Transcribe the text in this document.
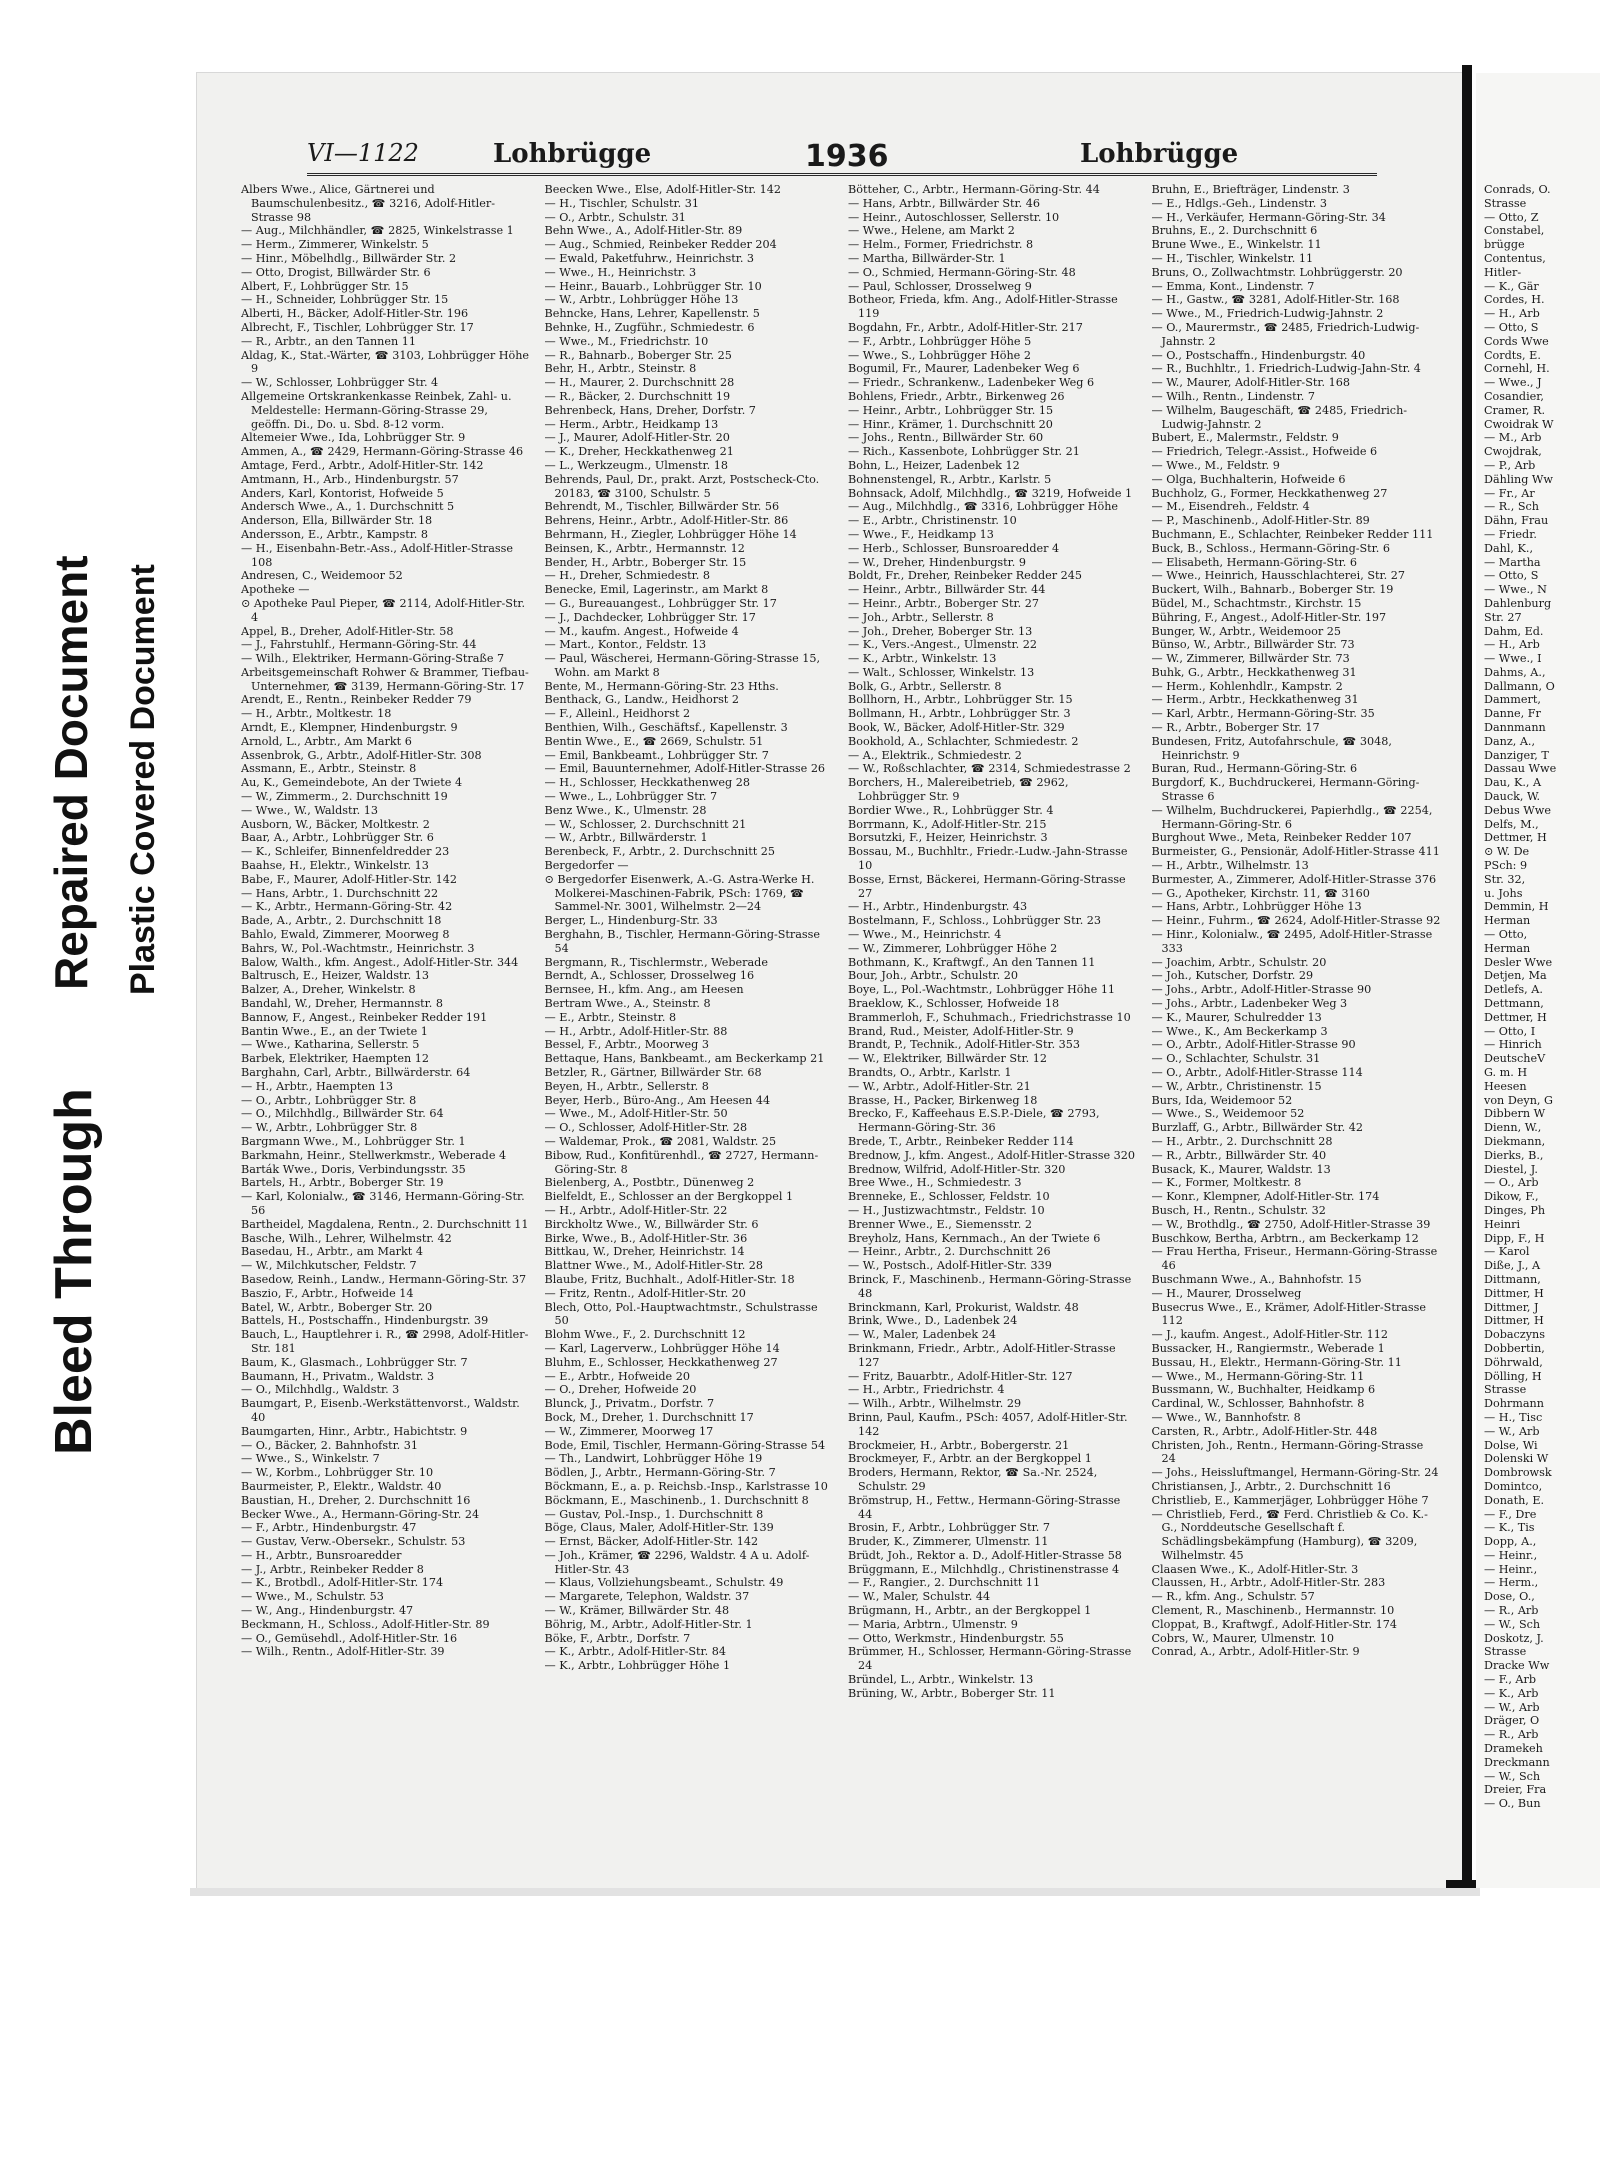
Bleed Through
Repaired Document Plastic Covered Document
VI—1122	Lohbrügge	1936	Lohbrügge

Albers Wwe., Alice, Gärtnerei und Baumschulenbesitz., ☎ 3216, Adolf-Hitler-Strasse 98

— Aug., Milchhändler, ☎ 2825, Winkelstrasse 1

— Herm., Zimmerer, Winkelstr. 5

— Hinr., Möbelhdlg., Billwärder Str. 2

— Otto, Drogist, Billwärder Str. 6

Albert, F., Lohbrügger Str. 15

— H., Schneider, Lohbrügger Str. 15

Alberti, H., Bäcker, Adolf-Hitler-Str. 196

Albrecht, F., Tischler, Lohbrügger Str. 17

— R., Arbtr., an den Tannen 11

Aldag, K., Stat.-Wärter, ☎ 3103, Lohbrügger Höhe 9

— W., Schlosser, Lohbrügger Str. 4

Allgemeine Ortskrankenkasse Reinbek, Zahl- u. Meldestelle: Hermann-Göring-Strasse 29, geöffn. Di., Do. u. Sbd. 8-12 vorm.

Altemeier Wwe., Ida, Lohbrügger Str. 9

Ammen, A., ☎ 2429, Hermann-Göring-Strasse 46

Amtage, Ferd., Arbtr., Adolf-Hitler-Str. 142

Amtmann, H., Arb., Hindenburgstr. 57

Anders, Karl, Kontorist, Hofweide 5

Andersch Wwe., A., 1. Durchschnitt 5

Anderson, Ella, Billwärder Str. 18

Andersson, E., Arbtr., Kampstr. 8

— H., Eisenbahn-Betr.-Ass., Adolf-Hitler-Strasse 108

Andresen, C., Weidemoor 52

Apotheke —

⊙ Apotheke Paul Pieper, ☎ 2114, Adolf-Hitler-Str. 4

Appel, B., Dreher, Adolf-Hitler-Str. 58

— J., Fahrstuhlf., Hermann-Göring-Str. 44

— Wilh., Elektriker, Hermann-Göring-Straße 7

Arbeitsgemeinschaft Rohwer & Brammer, Tiefbau-Unternehmer, ☎ 3139, Hermann-Göring-Str. 17

Arendt, E., Rentn., Reinbeker Redder 79

— H., Arbtr., Moltkestr. 18

Arndt, E., Klempner, Hindenburgstr. 9

Arnold, L., Arbtr., Am Markt 6

Assenbrok, G., Arbtr., Adolf-Hitler-Str. 308

Assmann, E., Arbtr., Steinstr. 8

Au, K., Gemeindebote, An der Twiete 4

— W., Zimmerm., 2. Durchschnitt 19

— Wwe., W., Waldstr. 13

Ausborn, W., Bäcker, Moltkestr. 2

Baar, A., Arbtr., Lohbrügger Str. 6

— K., Schleifer, Binnenfeldredder 23

Baahse, H., Elektr., Winkelstr. 13

Babe, F., Maurer, Adolf-Hitler-Str. 142

— Hans, Arbtr., 1. Durchschnitt 22

— K., Arbtr., Hermann-Göring-Str. 42

Bade, A., Arbtr., 2. Durchschnitt 18

Bahlo, Ewald, Zimmerer, Moorweg 8

Bahrs, W., Pol.-Wachtmstr., Heinrichstr. 3

Balow, Walth., kfm. Angest., Adolf-Hitler-Str. 344

Baltrusch, E., Heizer, Waldstr. 13

Balzer, A., Dreher, Winkelstr. 8

Bandahl, W., Dreher, Hermannstr. 8

Bannow, F., Angest., Reinbeker Redder 191

Bantin Wwe., E., an der Twiete 1

— Wwe., Katharina, Sellerstr. 5

Barbek, Elektriker, Haempten 12

Barghahn, Carl, Arbtr., Billwärderstr. 64

— H., Arbtr., Haempten 13

— O., Arbtr., Lohbrügger Str. 8

— O., Milchhdlg., Billwärder Str. 64

— W., Arbtr., Lohbrügger Str. 8

Bargmann Wwe., M., Lohbrügger Str. 1

Barkmahn, Heinr., Stellwerkmstr., Weberade 4

Barták Wwe., Doris, Verbindungsstr. 35

Bartels, H., Arbtr., Boberger Str. 19

— Karl, Kolonialw., ☎ 3146, Hermann-Göring-Str. 56

Bartheidel, Magdalena, Rentn., 2. Durchschnitt 11

Basche, Wilh., Lehrer, Wilhelmstr. 42

Basedau, H., Arbtr., am Markt 4

— W., Milchkutscher, Feldstr. 7

Basedow, Reinh., Landw., Hermann-Göring-Str. 37

Baszio, F., Arbtr., Hofweide 14

Batel, W., Arbtr., Boberger Str. 20

Battels, H., Postschaffn., Hindenburgstr. 39

Bauch, L., Hauptlehrer i. R., ☎ 2998, Adolf-Hitler-Str. 181

Baum, K., Glasmach., Lohbrügger Str. 7

Baumann, H., Privatm., Waldstr. 3

— O., Milchhdlg., Waldstr. 3

Baumgart, P., Eisenb.-Werkstättenvorst., Waldstr. 40

Baumgarten, Hinr., Arbtr., Habichtstr. 9

— O., Bäcker, 2. Bahnhofstr. 31

— Wwe., S., Winkelstr. 7

— W., Korbm., Lohbrügger Str. 10

Baurmeister, P., Elektr., Waldstr. 40

Baustian, H., Dreher, 2. Durchschnitt 16

Becker Wwe., A., Hermann-Göring-Str. 24

— F., Arbtr., Hindenburgstr. 47

— Gustav, Verw.-Obersekr., Schulstr. 53

— H., Arbtr., Bunsroaredder

— J., Arbtr., Reinbeker Redder 8

— K., Brotbdl., Adolf-Hitler-Str. 174

— Wwe., M., Schulstr. 53

— W., Ang., Hindenburgstr. 47

Beckmann, H., Schloss., Adolf-Hitler-Str. 89

— O., Gemüsehdl., Adolf-Hitler-Str. 16

— Wilh., Rentn., Adolf-Hitler-Str. 39

Beecken Wwe., Else, Adolf-Hitler-Str. 142

— H., Tischler, Schulstr. 31

— O., Arbtr., Schulstr. 31

Behn Wwe., A., Adolf-Hitler-Str. 89

— Aug., Schmied, Reinbeker Redder 204

— Ewald, Paketfuhrw., Heinrichstr. 3

— Wwe., H., Heinrichstr. 3

— Heinr., Bauarb., Lohbrügger Str. 10

— W., Arbtr., Lohbrügger Höhe 13

Behncke, Hans, Lehrer, Kapellenstr. 5

Behnke, H., Zugführ., Schmiedestr. 6

— Wwe., M., Friedrichstr. 10

— R., Bahnarb., Boberger Str. 25

Behr, H., Arbtr., Steinstr. 8

— H., Maurer, 2. Durchschnitt 28

— R., Bäcker, 2. Durchschnitt 19

Behrenbeck, Hans, Dreher, Dorfstr. 7

— Herm., Arbtr., Heidkamp 13

— J., Maurer, Adolf-Hitler-Str. 20

— K., Dreher, Heckkathenweg 21

— L., Werkzeugm., Ulmenstr. 18

Behrends, Paul, Dr., prakt. Arzt, Postscheck-Cto. 20183, ☎ 3100, Schulstr. 5

Behrendt, M., Tischler, Billwärder Str. 56

Behrens, Heinr., Arbtr., Adolf-Hitler-Str. 86

Behrmann, H., Ziegler, Lohbrügger Höhe 14

Beinsen, K., Arbtr., Hermannstr. 12

Bender, H., Arbtr., Boberger Str. 15

— H., Dreher, Schmiedestr. 8

Benecke, Emil, Lagerinstr., am Markt 8

— G., Bureauangest., Lohbrügger Str. 17

— J., Dachdecker, Lohbrügger Str. 17

— M., kaufm. Angest., Hofweide 4

— Mart., Kontor., Feldstr. 13

— Paul, Wäscherei, Hermann-Göring-Strasse 15, Wohn. am Markt 8

Bente, M., Hermann-Göring-Str. 23 Hths.

Benthack, G., Landw., Heidhorst 2

— F., Alleinl., Heidhorst 2

Benthien, Wilh., Geschäftsf., Kapellenstr. 3

Bentin Wwe., E., ☎ 2669, Schulstr. 51

— Emil, Bankbeamt., Lohbrügger Str. 7

— Emil, Bauunternehmer, Adolf-Hitler-Strasse 26

— H., Schlosser, Heckkathenweg 28

— Wwe., L., Lohbrügger Str. 7

Benz Wwe., K., Ulmenstr. 28

— W., Schlosser, 2. Durchschnitt 21

— W., Arbtr., Billwärderstr. 1

Berenbeck, F., Arbtr., 2. Durchschnitt 25

Bergedorfer —

⊙ Bergedorfer Eisenwerk, A.-G. Astra-Werke H. Molkerei-Maschinen-Fabrik, PSch: 1769, ☎ Sammel-Nr. 3001, Wilhelmstr. 2—24

Berger, L., Hindenburg-Str. 33

Berghahn, B., Tischler, Hermann-Göring-Strasse 54

Bergmann, R., Tischlermstr., Weberade

Berndt, A., Schlosser, Drosselweg 16

Bernsee, H., kfm. Ang., am Heesen

Bertram Wwe., A., Steinstr. 8

— E., Arbtr., Steinstr. 8

— H., Arbtr., Adolf-Hitler-Str. 88

Bessel, F., Arbtr., Moorweg 3

Bettaque, Hans, Bankbeamt., am Beckerkamp 21

Betzler, R., Gärtner, Billwärder Str. 68

Beyen, H., Arbtr., Sellerstr. 8

Beyer, Herb., Büro-Ang., Am Heesen 44

— Wwe., M., Adolf-Hitler-Str. 50

— O., Schlosser, Adolf-Hitler-Str. 28

— Waldemar, Prok., ☎ 2081, Waldstr. 25

Bibow, Rud., Konfitürenhdl., ☎ 2727, Hermann-Göring-Str. 8

Bielenberg, A., Postbtr., Dünenweg 2

Bielfeldt, E., Schlosser an der Bergkoppel 1

— H., Arbtr., Adolf-Hitler-Str. 22

Birckholtz Wwe., W., Billwärder Str. 6

Birke, Wwe., B., Adolf-Hitler-Str. 36

Bittkau, W., Dreher, Heinrichstr. 14

Blattner Wwe., M., Adolf-Hitler-Str. 28

Blaube, Fritz, Buchhalt., Adolf-Hitler-Str. 18

— Fritz, Rentn., Adolf-Hitler-Str. 20

Blech, Otto, Pol.-Hauptwachtmstr., Schulstrasse 50

Blohm Wwe., F., 2. Durchschnitt 12

— Karl, Lagerverw., Lohbrügger Höhe 14

Bluhm, E., Schlosser, Heckkathenweg 27

— E., Arbtr., Hofweide 20

— O., Dreher, Hofweide 20

Blunck, J., Privatm., Dorfstr. 7

Bock, M., Dreher, 1. Durchschnitt 17

— W., Zimmerer, Moorweg 17

Bode, Emil, Tischler, Hermann-Göring-Strasse 54

— Th., Landwirt, Lohbrügger Höhe 19

Bödlen, J., Arbtr., Hermann-Göring-Str. 7

Böckmann, E., a. p. Reichsb.-Insp., Karlstrasse 10

Böckmann, E., Maschinenb., 1. Durchschnitt 8

— Gustav, Pol.-Insp., 1. Durchschnitt 8

Böge, Claus, Maler, Adolf-Hitler-Str. 139

— Ernst, Bäcker, Adolf-Hitler-Str. 142

— Joh., Krämer, ☎ 2296, Waldstr. 4 A u. Adolf-Hitler-Str. 43

— Klaus, Vollziehungsbeamt., Schulstr. 49

— Margarete, Telephon, Waldstr. 37

— W., Krämer, Billwärder Str. 48

Böhrig, M., Arbtr., Adolf-Hitler-Str. 1

Böke, F., Arbtr., Dorfstr. 7

— K., Arbtr., Adolf-Hitler-Str. 84

— K., Arbtr., Lohbrügger Höhe 1

Bötteher, C., Arbtr., Hermann-Göring-Str. 44

— Hans, Arbtr., Billwärder Str. 46

— Heinr., Autoschlosser, Sellerstr. 10

— Wwe., Helene, am Markt 2

— Helm., Former, Friedrichstr. 8

— Martha, Billwärder-Str. 1

— O., Schmied, Hermann-Göring-Str. 48

— Paul, Schlosser, Drosselweg 9

Botheor, Frieda, kfm. Ang., Adolf-Hitler-Strasse 119

Bogdahn, Fr., Arbtr., Adolf-Hitler-Str. 217

— F., Arbtr., Lohbrügger Höhe 5

— Wwe., S., Lohbrügger Höhe 2

Bogumil, Fr., Maurer, Ladenbeker Weg 6

— Friedr., Schrankenw., Ladenbeker Weg 6

Bohlens, Friedr., Arbtr., Birkenweg 26

— Heinr., Arbtr., Lohbrügger Str. 15

— Hinr., Krämer, 1. Durchschnitt 20

— Johs., Rentn., Billwärder Str. 60

— Rich., Kassenbote, Lohbrügger Str. 21

Bohn, L., Heizer, Ladenbek 12

Bohnenstengel, R., Arbtr., Karlstr. 5

Bohnsack, Adolf, Milchhdlg., ☎ 3219, Hofweide 1

— Aug., Milchhdlg., ☎ 3316, Lohbrügger Höhe

— E., Arbtr., Christinenstr. 10

— Wwe., F., Heidkamp 13

— Herb., Schlosser, Bunsroaredder 4

— W., Dreher, Hindenburgstr. 9

Boldt, Fr., Dreher, Reinbeker Redder 245

— Heinr., Arbtr., Billwärder Str. 44

— Heinr., Arbtr., Boberger Str. 27

— Joh., Arbtr., Sellerstr. 8

— Joh., Dreher, Boberger Str. 13

— K., Vers.-Angest., Ulmenstr. 22

— K., Arbtr., Winkelstr. 13

— Walt., Schlosser, Winkelstr. 13

Bolk, G., Arbtr., Sellerstr. 8

Bollhorn, H., Arbtr., Lohbrügger Str. 15

Bollmann, H., Arbtr., Lohbrügger Str. 3

Book, W., Bäcker, Adolf-Hitler-Str. 329

Bookhold, A., Schlachter, Schmiedestr. 2

— A., Elektrik., Schmiedestr. 2

— W., Roßschlachter, ☎ 2314, Schmiedestrasse 2

Borchers, H., Malereibetrieb, ☎ 2962, Lohbrügger Str. 9

Bordier Wwe., R., Lohbrügger Str. 4

Borrmann, K., Adolf-Hitler-Str. 215

Borsutzki, F., Heizer, Heinrichstr. 3

Bossau, M., Buchhltr., Friedr.-Ludw.-Jahn-Strasse 10

Bosse, Ernst, Bäckerei, Hermann-Göring-Strasse 27

— H., Arbtr., Hindenburgstr. 43

Bostelmann, F., Schloss., Lohbrügger Str. 23

— Wwe., M., Heinrichstr. 4

— W., Zimmerer, Lohbrügger Höhe 2

Bothmann, K., Kraftwgf., An den Tannen 11

Bour, Joh., Arbtr., Schulstr. 20

Boye, L., Pol.-Wachtmstr., Lohbrügger Höhe 11

Braeklow, K., Schlosser, Hofweide 18

Brammerloh, F., Schuhmach., Friedrichstrasse 10

Brand, Rud., Meister, Adolf-Hitler-Str. 9

Brandt, P., Technik., Adolf-Hitler-Str. 353

— W., Elektriker, Billwärder Str. 12

Brandts, O., Arbtr., Karlstr. 1

— W., Arbtr., Adolf-Hitler-Str. 21

Brasse, H., Packer, Birkenweg 18

Brecko, F., Kaffeehaus E.S.P.-Diele, ☎ 2793, Hermann-Göring-Str. 36

Brede, T., Arbtr., Reinbeker Redder 114

Brednow, J., kfm. Angest., Adolf-Hitler-Strasse 320

Brednow, Wilfrid, Adolf-Hitler-Str. 320

Bree Wwe., H., Schmiedestr. 3

Brenneke, E., Schlosser, Feldstr. 10

— H., Justizwachtmstr., Feldstr. 10

Brenner Wwe., E., Siemensstr. 2

Breyholz, Hans, Kernmach., An der Twiete 6

— Heinr., Arbtr., 2. Durchschnitt 26

— W., Postsch., Adolf-Hitler-Str. 339

Brinck, F., Maschinenb., Hermann-Göring-Strasse 48

Brinckmann, Karl, Prokurist, Waldstr. 48

Brink, Wwe., D., Ladenbek 24

— W., Maler, Ladenbek 24

Brinkmann, Friedr., Arbtr., Adolf-Hitler-Strasse 127

— Fritz, Bauarbtr., Adolf-Hitler-Str. 127

— H., Arbtr., Friedrichstr. 4

— Wilh., Arbtr., Wilhelmstr. 29

Brinn, Paul, Kaufm., PSch: 4057, Adolf-Hitler-Str. 142

Brockmeier, H., Arbtr., Bobergerstr. 21

Brockmeyer, F., Arbtr. an der Bergkoppel 1

Broders, Hermann, Rektor, ☎ Sa.-Nr. 2524, Schulstr. 29

Brömstrup, H., Fettw., Hermann-Göring-Strasse 44

Brosin, F., Arbtr., Lohbrügger Str. 7

Bruder, K., Zimmerer, Ulmenstr. 11

Brüdt, Joh., Rektor a. D., Adolf-Hitler-Strasse 58

Brüggmann, E., Milchhdlg., Christinenstrasse 4

— F., Rangier., 2. Durchschnitt 11

— W., Maler, Schulstr. 44

Brügmann, H., Arbtr., an der Bergkoppel 1

— Maria, Arbtrn., Ulmenstr. 9

— Otto, Werkmstr., Hindenburgstr. 55

Brümmer, H., Schlosser, Hermann-Göring-Strasse 24

Bründel, L., Arbtr., Winkelstr. 13

Brüning, W., Arbtr., Boberger Str. 11

Bruhn, E., Briefträger, Lindenstr. 3

— E., Hdlgs.-Geh., Lindenstr. 3

— H., Verkäufer, Hermann-Göring-Str. 34

Bruhns, E., 2. Durchschnitt 6

Brune Wwe., E., Winkelstr. 11

— H., Tischler, Winkelstr. 11

Bruns, O., Zollwachtmstr. Lohbrüggerstr. 20

— Emma, Kont., Lindenstr. 7

— H., Gastw., ☎ 3281, Adolf-Hitler-Str. 168

— Wwe., M., Friedrich-Ludwig-Jahnstr. 2

— O., Maurermstr., ☎ 2485, Friedrich-Ludwig-Jahnstr. 2

— O., Postschaffn., Hindenburgstr. 40

— R., Buchhltr., 1. Friedrich-Ludwig-Jahn-Str. 4

— W., Maurer, Adolf-Hitler-Str. 168

— Wilh., Rentn., Lindenstr. 7

— Wilhelm, Baugeschäft, ☎ 2485, Friedrich-Ludwig-Jahnstr. 2

Bubert, E., Malermstr., Feldstr. 9

— Friedrich, Telegr.-Assist., Hofweide 6

— Wwe., M., Feldstr. 9

— Olga, Buchhalterin, Hofweide 6

Buchholz, G., Former, Heckkathenweg 27

— M., Eisendreh., Feldstr. 4

— P., Maschinenb., Adolf-Hitler-Str. 89

Buchmann, E., Schlachter, Reinbeker Redder 111

Buck, B., Schloss., Hermann-Göring-Str. 6

— Elisabeth, Hermann-Göring-Str. 6

— Wwe., Heinrich, Hausschlachterei, Str. 27

Buckert, Wilh., Bahnarb., Boberger Str. 19

Büdel, M., Schachtmstr., Kirchstr. 15

Bühring, F., Angest., Adolf-Hitler-Str. 197

Bunger, W., Arbtr., Weidemoor 25

Bünso, W., Arbtr., Billwärder Str. 73

— W., Zimmerer, Billwärder Str. 73

Buhk, G., Arbtr., Heckkathenweg 31

— Herm., Kohlenhdlr., Kampstr. 2

— Herm., Arbtr., Heckkathenweg 31

— Karl, Arbtr., Hermann-Göring-Str. 35

— R., Arbtr., Boberger Str. 17

Bundesen, Fritz, Autofahrschule, ☎ 3048, Heinrichstr. 9

Buran, Rud., Hermann-Göring-Str. 6

Burgdorf, K., Buchdruckerei, Hermann-Göring-Strasse 6

— Wilhelm, Buchdruckerei, Papierhdlg., ☎ 2254, Hermann-Göring-Str. 6

Burghout Wwe., Meta, Reinbeker Redder 107

Burmeister, G., Pensionär, Adolf-Hitler-Strasse 411

— H., Arbtr., Wilhelmstr. 13

Burmester, A., Zimmerer, Adolf-Hitler-Strasse 376

— G., Apotheker, Kirchstr. 11, ☎ 3160

— Hans, Arbtr., Lohbrügger Höhe 13

— Heinr., Fuhrm., ☎ 2624, Adolf-Hitler-Strasse 92

— Hinr., Kolonialw., ☎ 2495, Adolf-Hitler-Strasse 333

— Joachim, Arbtr., Schulstr. 20

— Joh., Kutscher, Dorfstr. 29

— Johs., Arbtr., Adolf-Hitler-Strasse 90

— Johs., Arbtr., Ladenbeker Weg 3

— K., Maurer, Schulredder 13

— Wwe., K., Am Beckerkamp 3

— O., Arbtr., Adolf-Hitler-Strasse 90

— O., Schlachter, Schulstr. 31

— O., Arbtr., Adolf-Hitler-Strasse 114

— W., Arbtr., Christinenstr. 15

Burs, Ida, Weidemoor 52

— Wwe., S., Weidemoor 52

Burzlaff, G., Arbtr., Billwärder Str. 42

— H., Arbtr., 2. Durchschnitt 28

— R., Arbtr., Billwärder Str. 40

Busack, K., Maurer, Waldstr. 13

— K., Former, Moltkestr. 8

— Konr., Klempner, Adolf-Hitler-Str. 174

Busch, H., Rentn., Schulstr. 32

— W., Brothdlg., ☎ 2750, Adolf-Hitler-Strasse 39

Buschkow, Bertha, Arbtrn., am Beckerkamp 12

— Frau Hertha, Friseur., Hermann-Göring-Strasse 46

Buschmann Wwe., A., Bahnhofstr. 15

— H., Maurer, Drosselweg

Busecrus Wwe., E., Krämer, Adolf-Hitler-Strasse 112

— J., kaufm. Angest., Adolf-Hitler-Str. 112

Bussacker, H., Rangiermstr., Weberade 1

Bussau, H., Elektr., Hermann-Göring-Str. 11

— Wwe., M., Hermann-Göring-Str. 11

Bussmann, W., Buchhalter, Heidkamp 6

Cardinal, W., Schlosser, Bahnhofstr. 8

— Wwe., W., Bannhofstr. 8

Carsten, R., Arbtr., Adolf-Hitler-Str. 448

Christen, Joh., Rentn., Hermann-Göring-Strasse 24

— Johs., Heissluftmangel, Hermann-Göring-Str. 24

Christiansen, J., Arbtr., 2. Durchschnitt 16

Christlieb, E., Kammerjäger, Lohbrügger Höhe 7

— Christlieb, Ferd., ☎ Ferd. Christlieb & Co. K.-G., Norddeutsche Gesellschaft f. Schädlingsbekämpfung (Hamburg), ☎ 3209, Wilhelmstr. 45

Claasen Wwe., K., Adolf-Hitler-Str. 3

Claussen, H., Arbtr., Adolf-Hitler-Str. 283

— R., kfm. Ang., Schulstr. 57

Clement, R., Maschinenb., Hermannstr. 10

Cloppat, B., Kraftwgf., Adolf-Hitler-Str. 174

Cobrs, W., Maurer, Ulmenstr. 10

Conrad, A., Arbtr., Adolf-Hitler-Str. 9

Conrads, O.
Strasse
— Otto, Z
Constabel,
brügge
Contentus,
Hitler-
— K., Gär
Cordes, H.
— H., Arb
— Otto, S
Cords Wwe
Cordts, E.
Cornehl, H.
— Wwe., J
Cosandier,
Cramer, R.
Cwoidrak W
— M., Arb
Cwojdrak,
— P., Arb
Dähling Ww
— Fr., Ar
— R., Sch
Dähn, Frau
— Friedr.
Dahl, K.,
— Martha
— Otto, S
— Wwe., N
Dahlenburg
Str. 27
Dahm, Ed.
— H., Arb
— Wwe., I
Dahms, A.,
Dallmann, O
Dammert,
Danne, Fr
Dannmann
Danz, A.,
Danziger, T
Dassau Wwe
Dau, K., A
Dauck, W.
Debus Wwe
Delfs, M.,
Dettmer, H
⊙ W. De
PSch: 9
Str. 32,
u. Johs
Demmin, H
Herman
— Otto,
Herman
Desler Wwe
Detjen, Ma
Detlefs, A.
Dettmann,
Dettmer, H
— Otto, I
— Hinrich
DeutscheV
G. m. H
Heesen
von Deyn, G
Dibbern W
Dienn, W.,
Diekmann,
Dierks, B.,
Diestel, J.
— O., Arb
Dikow, F.,
Dinges, Ph
Heinri
Dipp, F., H
— Karol
Diße, J., A
Dittmann,
Dittmer, H
Dittmer, J
Dittmer, H
Dobaczyns
Dobbertin,
Döhrwald,
Dölling, H
Strasse
Dohrmann
— H., Tisc
— W., Arb
Dolse, Wi
Dolenski W
Dombrowsk
Domintco,
Donath, E.
— F., Dre
— K., Tis
Dopp, A.,
— Heinr.,
— Heinr.,
— Herm.,
Dose, O.,
— R., Arb
— W., Sch
Doskotz, J.
Strasse
Dracke Ww
— F., Arb
— K., Arb
— W., Arb
Dräger, O
— R., Arb
Dramekeh
Dreckmann
— W., Sch
Dreier, Fra
— O., Bun
